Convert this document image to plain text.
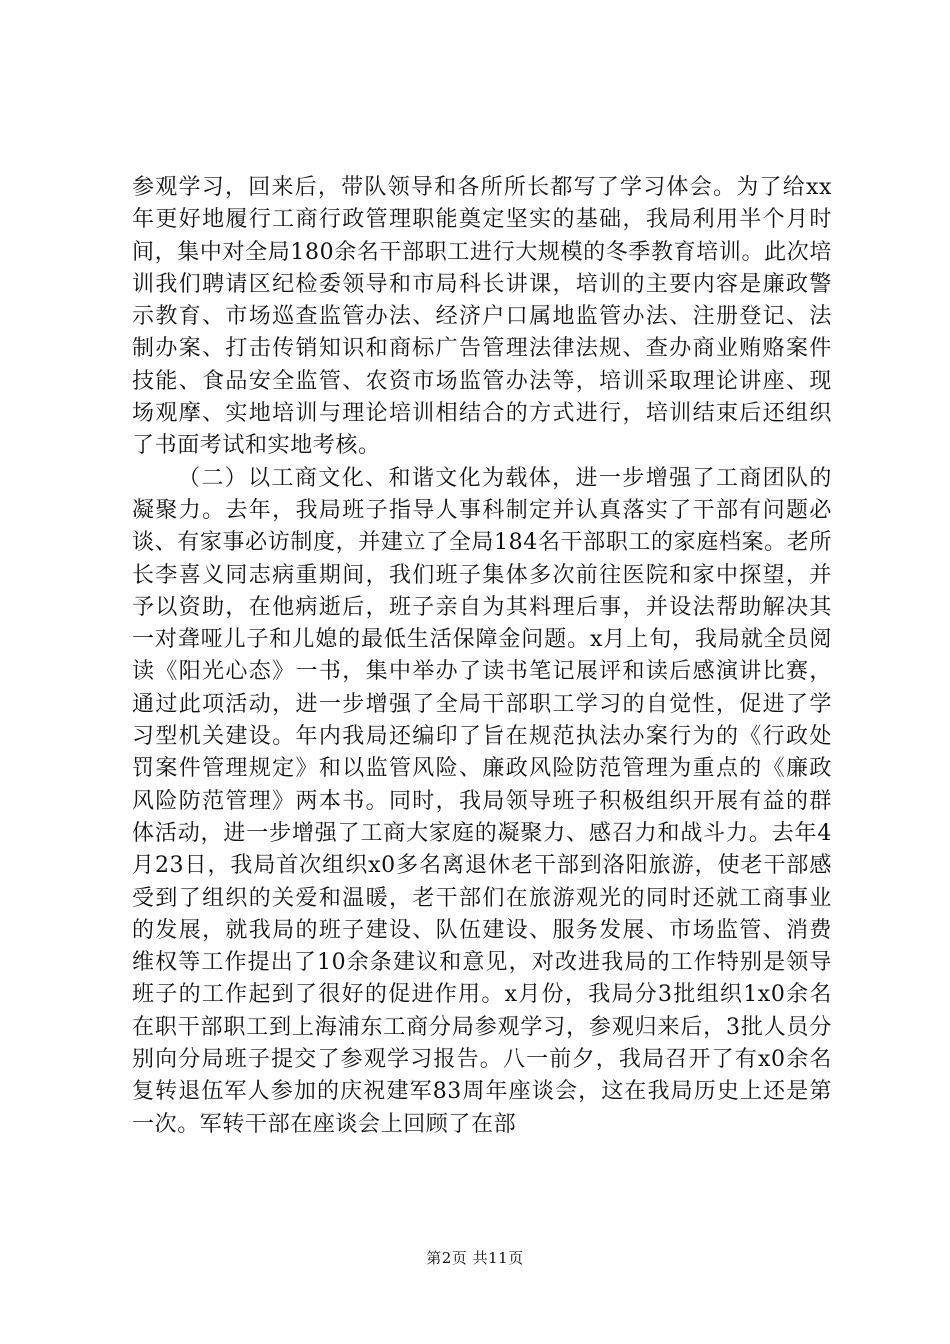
参观学习，回来后，带队领导和各所所长都写了学习体会。为了给xx年更好地履行工商行政管理职能奠定坚实的基础，我局利用半个月时间，集中对全局180余名干部职工进行大规模的冬季教育培训。此次培训我们聘请区纪检委领导和市局科长讲课，培训的主要内容是廉政警示教育、市场巡查监管办法、经济户口属地监管办法、注册登记、法制办案、打击传销知识和商标广告管理法律法规、查办商业贿赂案件技能、食品安全监管、农资市场监管办法等，培训采取理论讲座、现场观摩、实地培训与理论培训相结合的方式进行，培训结束后还组织了书面考试和实地考核。

（二）以工商文化、和谐文化为载体，进一步增强了工商团队的凝聚力。去年，我局班子指导人事科制定并认真落实了干部有问题必谈、有家事必访制度，并建立了全局184名干部职工的家庭档案。老所长李喜义同志病重期间，我们班子集体多次前往医院和家中探望，并予以资助，在他病逝后，班子亲自为其料理后事，并设法帮助解决其一对聋哑儿子和儿媳的最低生活保障金问题。x月上旬，我局就全员阅读《阳光心态》一书，集中举办了读书笔记展评和读后感演讲比赛，通过此项活动，进一步增强了全局干部职工学习的自觉性，促进了学习型机关建设。年内我局还编印了旨在规范执法办案行为的《行政处罚案件管理规定》和以监管风险、廉政风险防范管理为重点的《廉政风险防范管理》两本书。同时，我局领导班子积极组织开展有益的群体活动，进一步增强了工商大家庭的凝聚力、感召力和战斗力。去年4月23日，我局首次组织x0多名离退休老干部到洛阳旅游，使老干部感受到了组织的关爱和温暖，老干部们在旅游观光的同时还就工商事业的发展，就我局的班子建设、队伍建设、服务发展、市场监管、消费维权等工作提出了10余条建议和意见，对改进我局的工作特别是领导班子的工作起到了很好的促进作用。x月份，我局分3批组织1x0余名在职干部职工到上海浦东工商分局参观学习，参观归来后，3批人员分别向分局班子提交了参观学习报告。八一前夕，我局召开了有x0余名复转退伍军人参加的庆祝建军83周年座谈会，这在我局历史上还是第一次。军转干部在座谈会上回顾了在部

第2页 共11页
